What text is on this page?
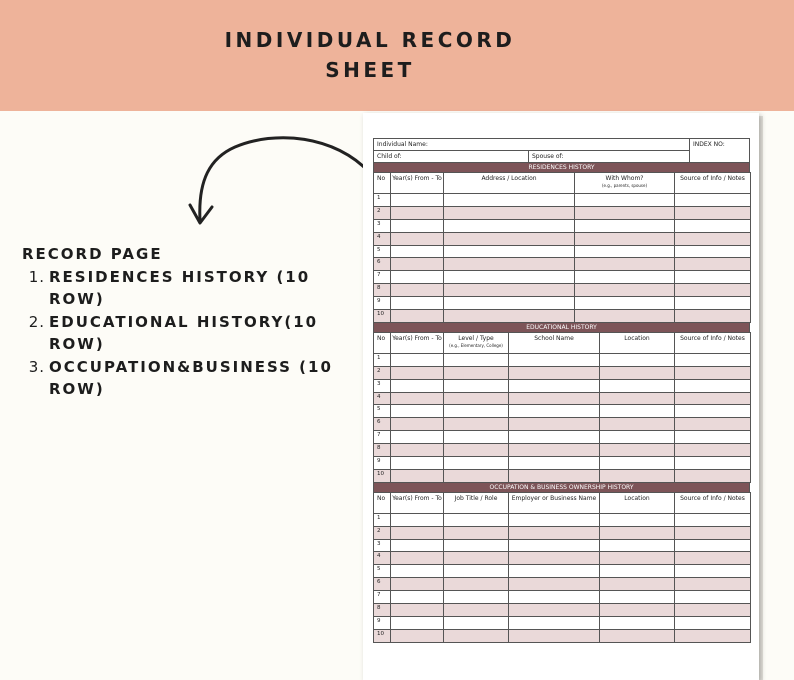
INDIVIDUAL RECORD
SHEET
RECORD PAGE
1. RESIDENCES HISTORY (10 ROW)
2. EDUCATIONAL HISTORY(10 ROW)
3. OCCUPATION&BUSINESS (10 ROW)
Individual Name:		INDEX NO:

Child of:	Spouse of:	
RESIDENCES HISTORY
No	Year(s) From - To	Address / Location	With Whom?
(e.g., parents, spouse)	Source of Info / Notes
1				
2				
3				
4				
5				
6				
7				
8				
9				
10				
EDUCATIONAL HISTORY
No	Year(s) From - To	Level / Type
(e.g., Elementary, College)	School Name	Location	Source of Info / Notes
1					
2					
3					
4					
5					
6					
7					
8					
9					
10					
OCCUPATION & BUSINESS OWNERSHIP HISTORY
No	Year(s) From - To	Job Title / Role	Employer or Business Name	Location	Source of Info / Notes
1					
2					
3					
4					
5					
6					
7					
8					
9					
10					
